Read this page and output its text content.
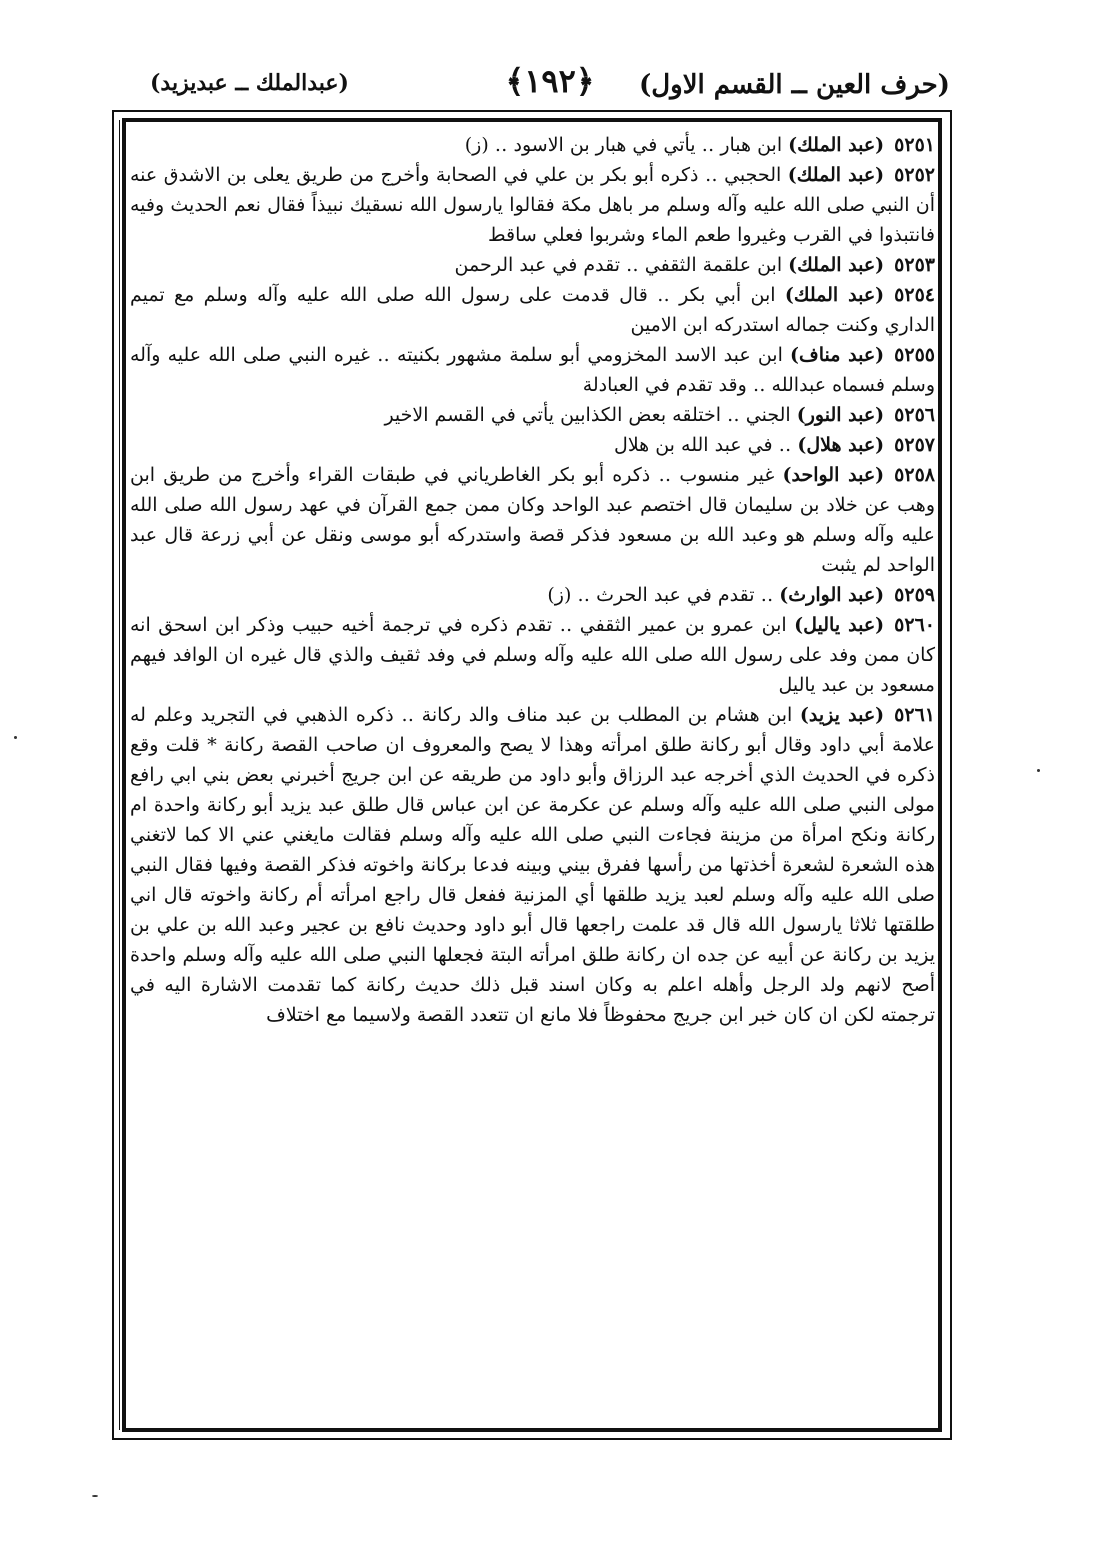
(حرف العين ــ القسم الاول)
﴿١٩٢﴾
(عبدالملك ــ عبديزيد)

٥٢٥١(عبد الملك) ابن هبار ‥ يأتي في هبار بن الاسود ‥ (ز)

٥٢٥٢(عبد الملك) الحجبي ‥ ذكره أبو بكر بن علي في الصحابة وأخرج من طريق يعلى بن الاشدق عنه أن النبي صلى الله عليه وآله وسلم مر باهل مكة فقالوا يارسول الله نسقيك نبيذاً فقال نعم الحديث وفيه فانتبذوا في القرب وغيروا طعم الماء وشربوا فعلي ساقط

٥٢٥٣(عبد الملك) ابن علقمة الثقفي ‥ تقدم في عبد الرحمن

٥٢٥٤(عبد الملك) ابن أبي بكر ‥ قال قدمت على رسول الله صلى الله عليه وآله وسلم مع تميم الداري وكنت جماله استدركه ابن الامين

٥٢٥٥(عبد مناف) ابن عبد الاسد المخزومي أبو سلمة مشهور بكنيته ‥ غيره النبي صلى الله عليه وآله وسلم فسماه عبدالله ‥ وقد تقدم في العبادلة

٥٢٥٦(عبد النور) الجني ‥ اختلقه بعض الكذابين يأتي في القسم الاخير

٥٢٥٧(عبد هلال) ‥ في عبد الله بن هلال

٥٢٥٨(عبد الواحد) غير منسوب ‥ ذكره أبو بكر الغاطرياني في طبقات القراء وأخرج من طريق ابن وهب عن خلاد بن سليمان قال اختصم عبد الواحد وكان ممن جمع القرآن في عهد رسول الله صلى الله عليه وآله وسلم هو وعبد الله بن مسعود فذكر قصة واستدركه أبو موسى ونقل عن أبي زرعة قال عبد الواحد لم يثبت

٥٢٥٩(عبد الوارث) ‥ تقدم في عبد الحرث ‥ (ز)

٥٢٦٠(عبد ياليل) ابن عمرو بن عمير الثقفي ‥ تقدم ذكره في ترجمة أخيه حبيب وذكر ابن اسحق انه كان ممن وفد على رسول الله صلى الله عليه وآله وسلم في وفد ثقيف والذي قال غيره ان الوافد فيهم مسعود بن عبد ياليل

٥٢٦١(عبد يزيد) ابن هشام بن المطلب بن عبد مناف والد ركانة ‥ ذكره الذهبي في التجريد وعلم له علامة أبي داود وقال أبو ركانة طلق امرأته وهذا لا يصح والمعروف ان صاحب القصة ركانة * قلت وقع ذكره في الحديث الذي أخرجه عبد الرزاق وأبو داود من طريقه عن ابن جريج أخبرني بعض بني ابي رافع مولى النبي صلى الله عليه وآله وسلم عن عكرمة عن ابن عباس قال طلق عبد يزيد أبو ركانة واحدة ام ركانة ونكح امرأة من مزينة فجاءت النبي صلى الله عليه وآله وسلم فقالت مايغني عني الا كما لاتغني هذه الشعرة لشعرة أخذتها من رأسها ففرق بيني وبينه فدعا بركانة واخوته فذكر القصة وفيها فقال النبي صلى الله عليه وآله وسلم لعبد يزيد طلقها أي المزنية ففعل قال راجع امرأته أم ركانة واخوته قال اني طلقتها ثلاثا يارسول الله قال قد علمت راجعها قال أبو داود وحديث نافع بن عجير وعبد الله بن علي بن يزيد بن ركانة عن أبيه عن جده ان ركانة طلق امرأته البتة فجعلها النبي صلى الله عليه وآله وسلم واحدة أصح لانهم ولد الرجل وأهله اعلم به وكان اسند قبل ذلك حديث ركانة كما تقدمت الاشارة اليه في ترجمته لكن ان كان خبر ابن جريج محفوظاً فلا مانع ان تتعدد القصة ولاسيما مع اختلاف
